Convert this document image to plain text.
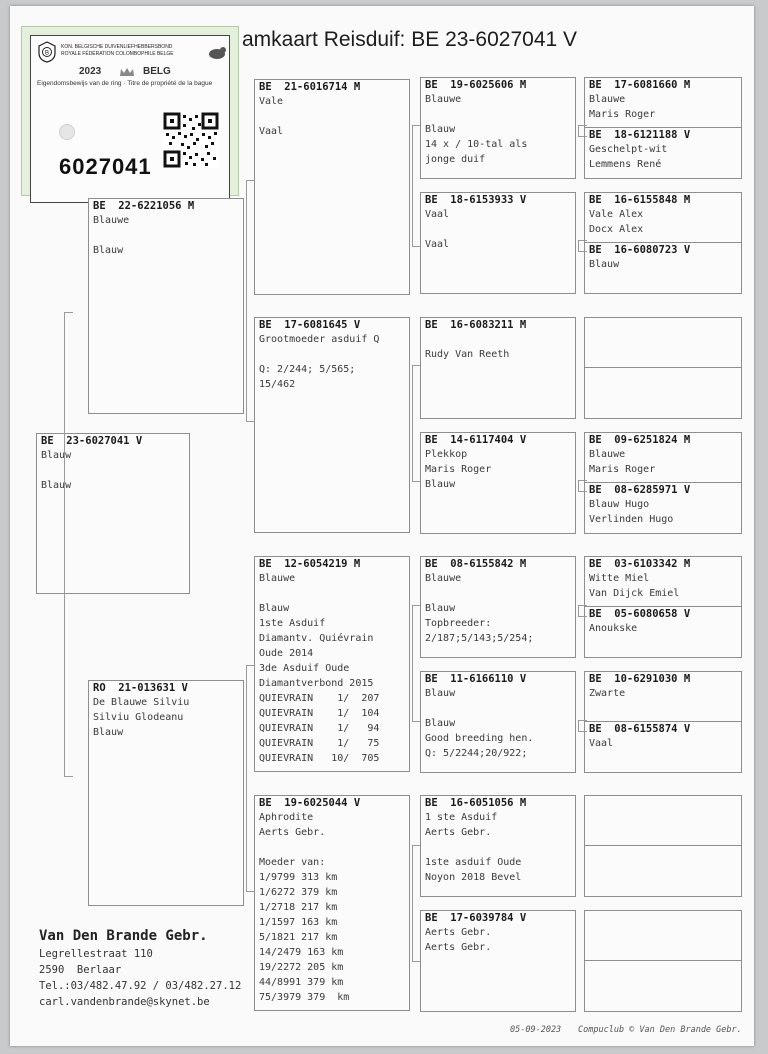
amkaart Reisduif: BE 23-6027041 V
B
KON. BELGISCHE DUIVENLIEFHEBBERSBOND
ROYALE FÉDÉRATION COLOMBOPHILE BELGE
2023	BELG
Eigendomsbewijs van de ring · Titre de propriété de la bague
6027041
BE  23-6027041 V
Blauw
Blauw
BE  22-6221056 M
Blauwe
Blauw
RO  21-013631 V
De Blauwe Silviu
Silviu Glodeanu
Blauw
BE  21-6016714 M
Vale
Vaal
BE  17-6081645 V
Grootmoeder asduif Q
Q: 2/244; 5/565;
15/462
BE  12-6054219 M
Blauwe
Blauw
1ste Asduif
Diamantv. Quiévrain
Oude 2014
3de Asduif Oude
Diamantverbond 2015
QUIEVRAIN    1/  207
QUIEVRAIN    1/  104
QUIEVRAIN    1/   94
QUIEVRAIN    1/   75
QUIEVRAIN   10/  705
BE  19-6025044 V
Aphrodite
Aerts Gebr.
Moeder van:
1/9799 313 km
1/6272 379 km
1/2718 217 km
1/1597 163 km
5/1821 217 km
14/2479 163 km
19/2272 205 km
44/8991 379 km
75/3979 379  km
BE  19-6025606 M
Blauwe
Blauw
14 x / 10-tal als
jonge duif
BE  18-6153933 V
Vaal
Vaal
BE  16-6083211 M
Rudy Van Reeth
BE  14-6117404 V
Plekkop
Maris Roger
Blauw
BE  08-6155842 M
Blauwe
Blauw
Topbreeder:
2/187;5/143;5/254;
BE  11-6166110 V
Blauw
Blauw
Good breeding hen.
Q: 5/2244;20/922;
BE  16-6051056 M
1 ste Asduif
Aerts Gebr.
1ste asduif Oude
Noyon 2018 Bevel
BE  17-6039784 V
Aerts Gebr.
Aerts Gebr.
BE  17-6081660 M
Blauwe
Maris Roger
BE  18-6121188 V
Geschelpt-wit
Lemmens René
BE  16-6155848 M
Vale Alex
Docx Alex
BE  16-6080723 V
Blauw
BE  09-6251824 M
Blauwe
Maris Roger
BE  08-6285971 V
Blauw Hugo
Verlinden Hugo
BE  03-6103342 M
Witte Miel
Van Dijck Emiel
BE  05-6080658 V
Anoukske
BE  10-6291030 M
Zwarte
BE  08-6155874 V
Vaal
Van Den Brande Gebr.
Legrellestraat 110
2590  Berlaar
Tel.:03/482.47.92 / 03/482.27.12
carl.vandenbrande@skynet.be
05-09-2023 Compuclub © Van Den Brande Gebr.
